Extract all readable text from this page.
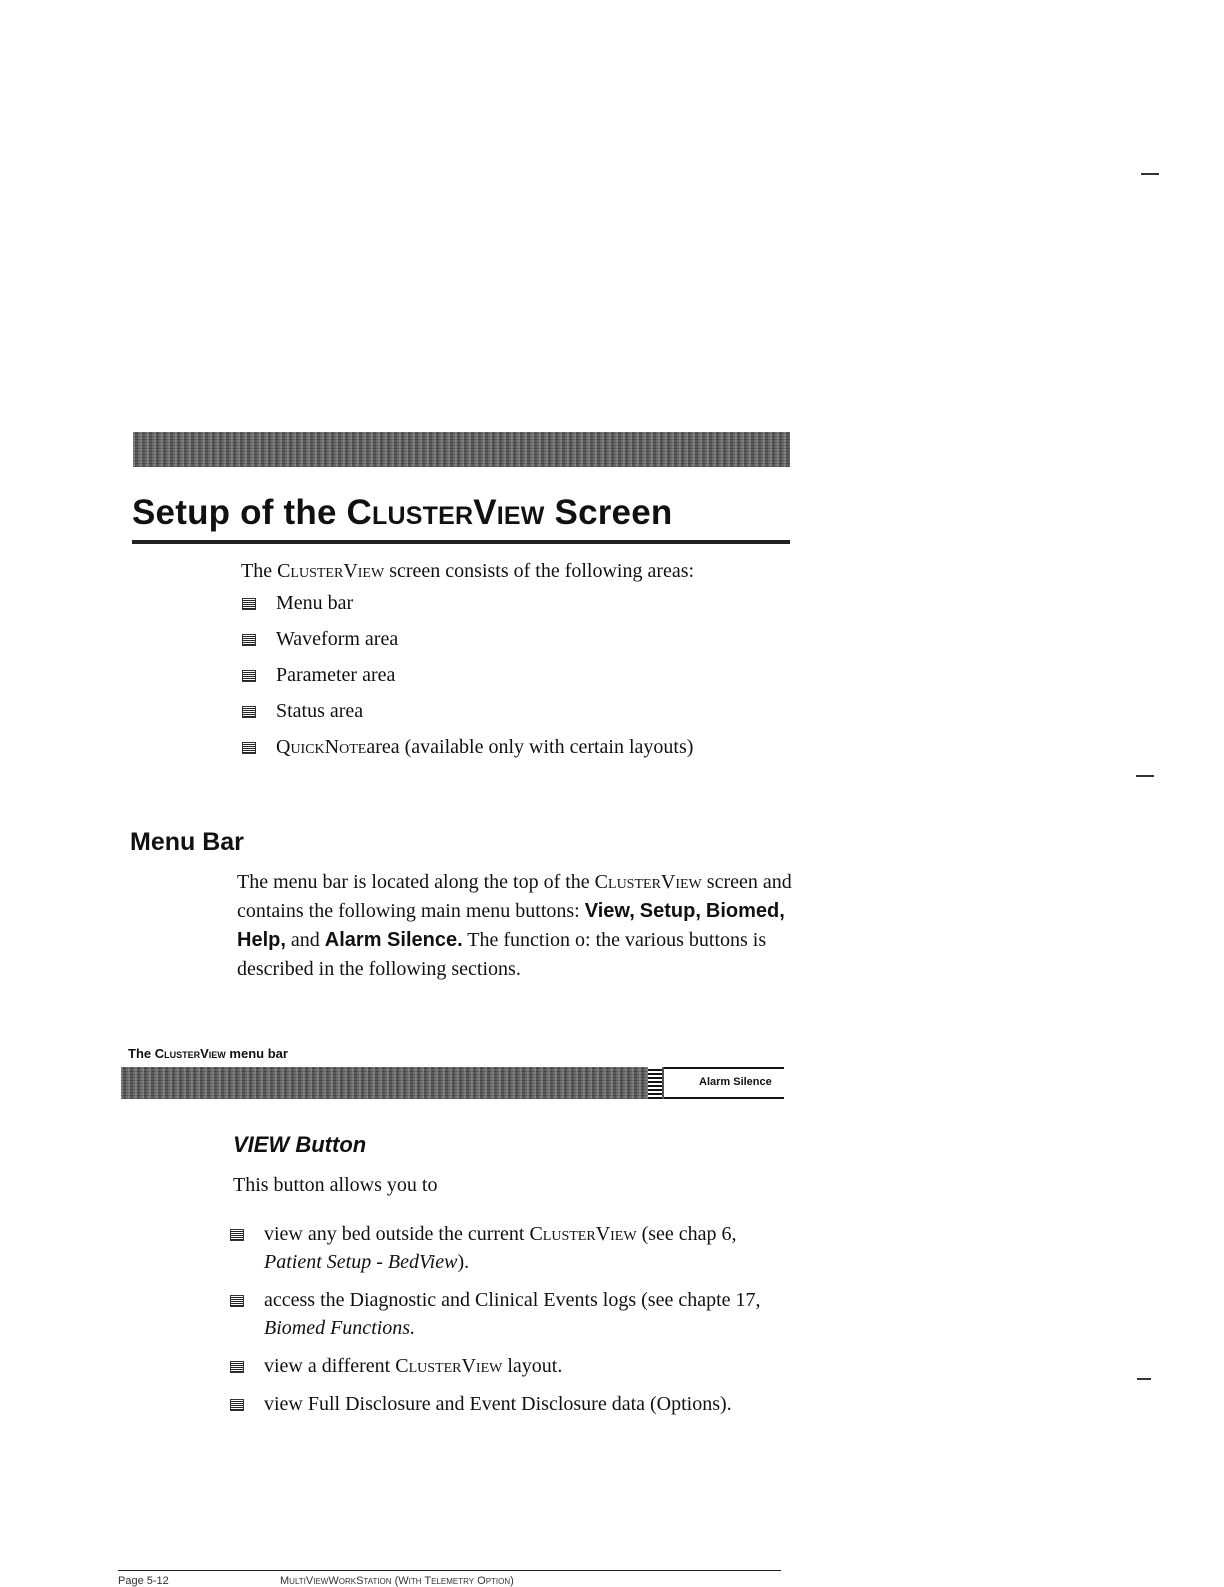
Setup of the ClusterView Screen
The ClusterView screen consists of the following areas:
Menu bar
Waveform area
Parameter area
Status area
QuickNotearea (available only with certain layouts)
Menu Bar
The menu bar is located along the top of the ClusterView screen and contains the following main menu buttons: View, Setup, Biomed, Help, and Alarm Silence. The function o: the various buttons is described in the following sections.
The ClusterView menu bar
Alarm Silence
VIEW Button
This button allows you to
view any bed outside the current ClusterView (see chap 6, Patient Setup - BedView).
access the Diagnostic and Clinical Events logs (see chapte 17, Biomed Functions.
view a different ClusterView layout.
view Full Disclosure and Event Disclosure data (Options).
Page 5-12	MultiViewWorkStation (With Telemetry Option)
